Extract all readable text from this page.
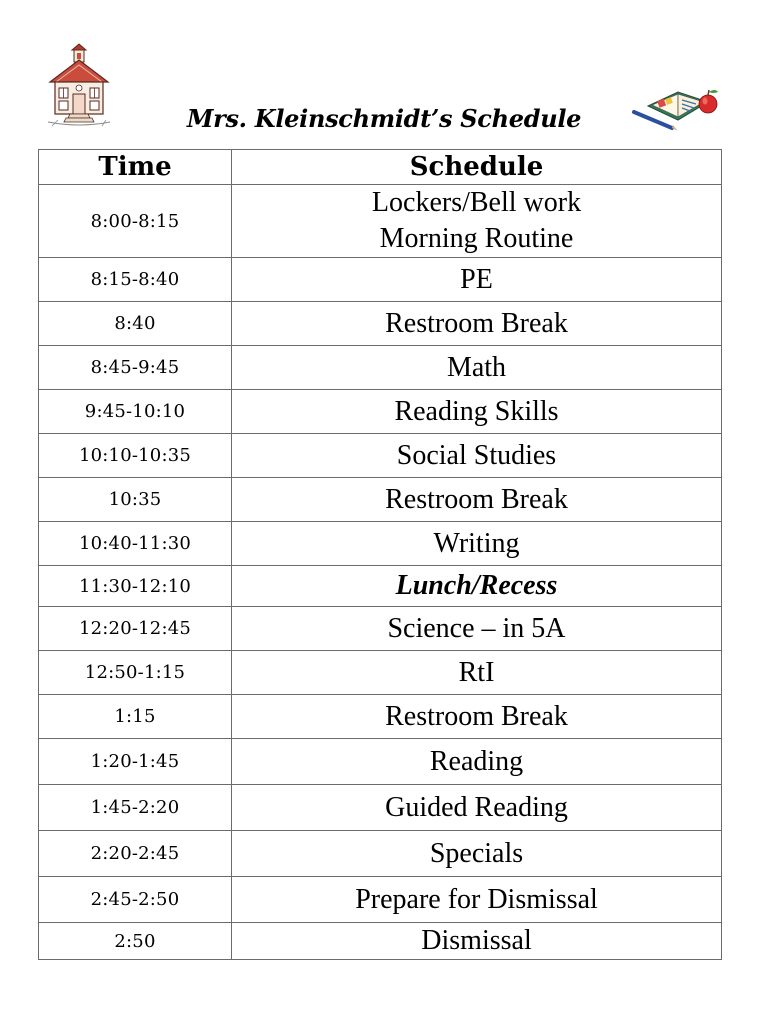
Mrs. Kleinschmidt’s Schedule
Time	Schedule
8:00-8:15	Lockers/Bell work
Morning Routine

8:15-8:40	PE

8:40	Restroom Break

8:45-9:45	Math

9:45-10:10	Reading Skills

10:10-10:35	Social Studies

10:35	Restroom Break

10:40-11:30	Writing

11:30-12:10	Lunch/Recess

12:20-12:45	Science – in 5A

12:50-1:15	RtI

1:15	Restroom Break

1:20-1:45	Reading

1:45-2:20	Guided Reading

2:20-2:45	Specials

2:45-2:50	Prepare for Dismissal

2:50	Dismissal
